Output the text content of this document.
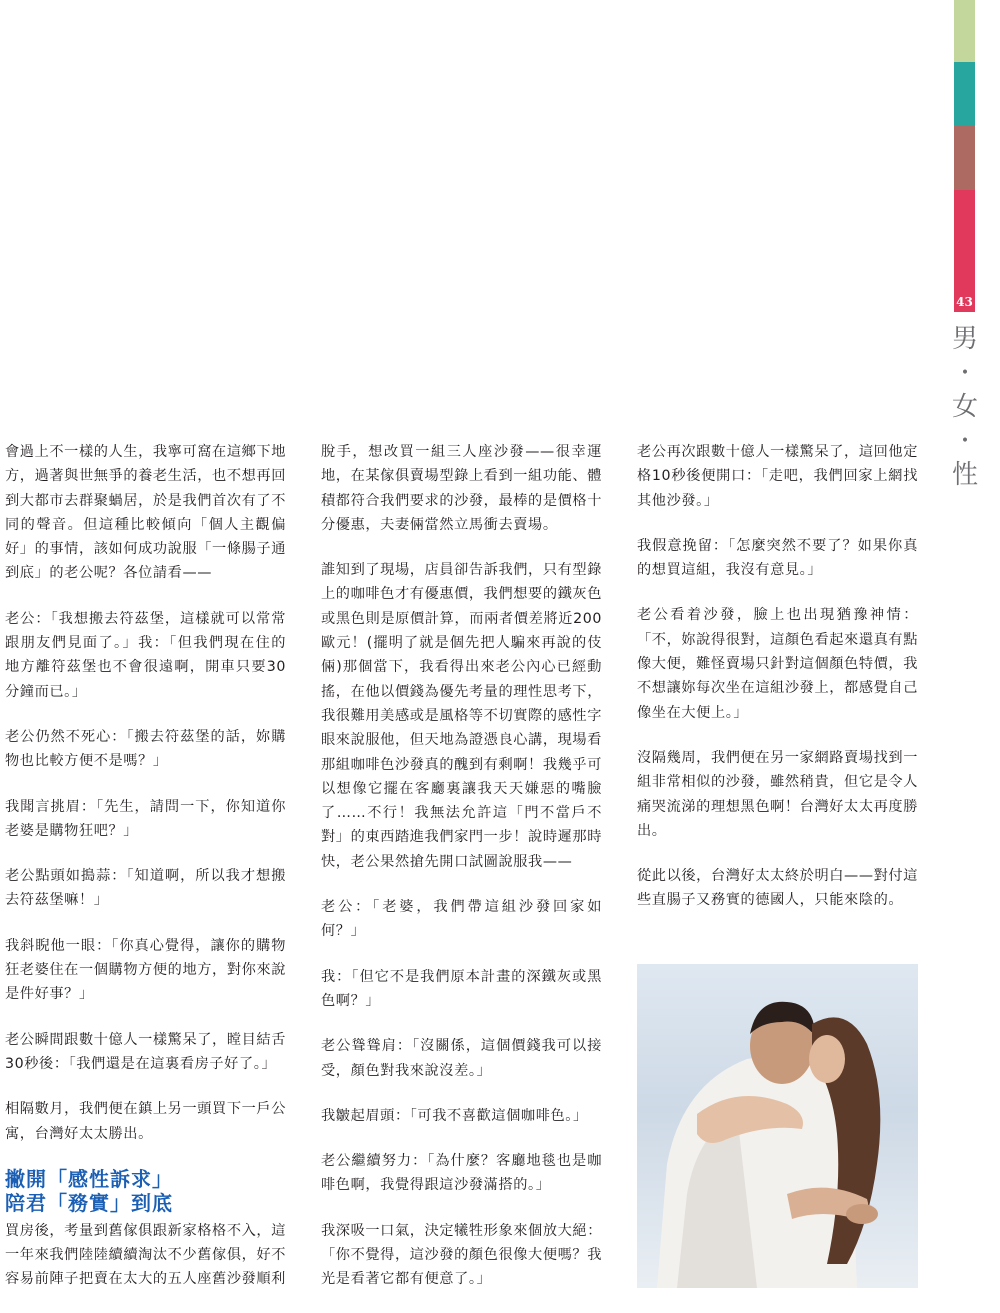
43
男
•
女
•
性

會過上不一樣的人生，我寧可窩在這鄉下地方，過著與世無爭的養老生活，也不想再回到大都市去群聚蝸居，於是我們首次有了不同的聲音。但這種比較傾向「個人主觀偏好」的事情，該如何成功說服「一條腸子通到底」的老公呢？各位請看——

老公：「我想搬去符茲堡，這樣就可以常常跟朋友們見面了。」我：「但我們現在住的地方離符茲堡也不會很遠啊，開車只要30分鐘而已。」

老公仍然不死心：「搬去符茲堡的話，妳購物也比較方便不是嗎？」

我聞言挑眉：「先生，請問一下，你知道你老婆是購物狂吧？」

老公點頭如搗蒜：「知道啊，所以我才想搬去符茲堡嘛！」

我斜睨他一眼：「你真心覺得，讓你的購物狂老婆住在一個購物方便的地方，對你來說是件好事？」

老公瞬間跟數十億人一樣驚呆了，瞠目結舌30秒後：「我們還是在這裏看房子好了。」

相隔數月，我們便在鎮上另一頭買下一戶公寓，台灣好太太勝出。

撇開「感性訴求」
陪君「務實」到底

買房後，考量到舊傢俱跟新家格格不入，這一年來我們陸陸續續淘汰不少舊傢俱，好不容易前陣子把賣在太大的五人座舊沙發順利

脫手，想改買一組三人座沙發——很幸運地，在某傢俱賣場型錄上看到一組功能、體積都符合我們要求的沙發，最棒的是價格十分優惠，夫妻倆當然立馬衝去賣場。

誰知到了現場，店員卻告訴我們，只有型錄上的咖啡色才有優惠價，我們想要的鐵灰色或黑色則是原價計算，而兩者價差將近200歐元！(擺明了就是個先把人騙來再說的伎倆)那個當下，我看得出來老公內心已經動搖，在他以價錢為優先考量的理性思考下，我很難用美感或是風格等不切實際的感性字眼來說服他，但天地為證憑良心講，現場看那組咖啡色沙發真的醜到有剩啊！我幾乎可以想像它擺在客廳裏讓我天天嫌惡的嘴臉了……不行！我無法允許這「門不當戶不對」的東西踏進我們家門一步！說時遲那時快，老公果然搶先開口試圖說服我——

老公：「老婆，我們帶這組沙發回家如何？」

我：「但它不是我們原本計畫的深鐵灰或黑色啊？」

老公聳聳肩：「沒關係，這個價錢我可以接受，顏色對我來說沒差。」

我皺起眉頭：「可我不喜歡這個咖啡色。」

老公繼續努力：「為什麼？客廳地毯也是咖啡色啊，我覺得跟這沙發滿搭的。」

我深吸一口氣，決定犧牲形象來個放大絕：「你不覺得，這沙發的顏色很像大便嗎？我光是看著它都有便意了。」

老公再次跟數十億人一樣驚呆了，這回他定格10秒後便開口：「走吧，我們回家上網找其他沙發。」

我假意挽留：「怎麼突然不要了？如果你真的想買這組，我沒有意見。」

老公看着沙發，臉上也出現猶豫神情：「不，妳說得很對，這顏色看起來還真有點像大便，難怪賣場只針對這個顏色特價，我不想讓妳每次坐在這組沙發上，都感覺自己像坐在大便上。」

沒隔幾周，我們便在另一家網路賣場找到一組非常相似的沙發，雖然稍貴，但它是令人痛哭流涕的理想黑色啊！台灣好太太再度勝出。

從此以後，台灣好太太終於明白——對付這些直腸子又務實的德國人，只能來陰的。
